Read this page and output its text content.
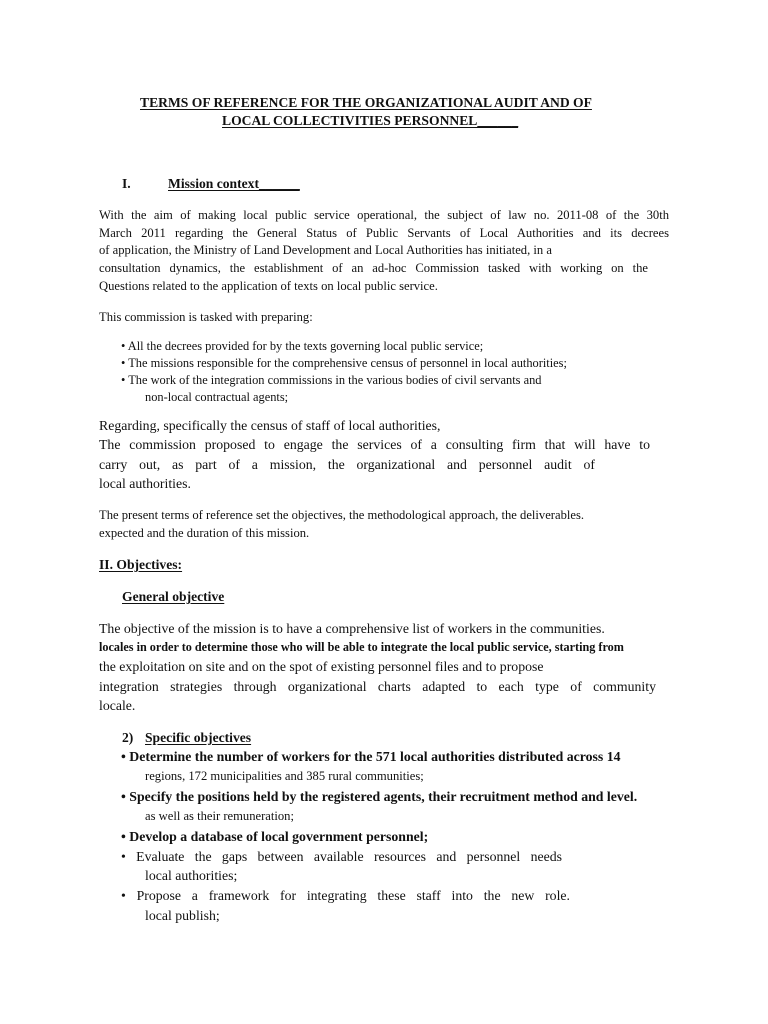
TERMS OF REFERENCE FOR THE ORGANIZATIONAL AUDIT AND OF
LOCAL COLLECTIVITIES PERSONNEL______
I.	Mission context______
With the aim of making local public service operational, the subject of law no. 2011-08 of the 30th
March 2011 regarding the General Status of Public Servants of Local Authorities and its decrees
of application, the Ministry of Land Development and Local Authorities has initiated, in a
consultation dynamics, the establishment of an ad-hoc Commission tasked with working on the
Questions related to the application of texts on local public service.
This commission is tasked with preparing:
• All the decrees provided for by the texts governing local public service;
• The missions responsible for the comprehensive census of personnel in local authorities;
• The work of the integration commissions in the various bodies of civil servants and
non-local contractual agents;
Regarding, specifically the census of staff of local authorities,
The commission proposed to engage the services of a consulting firm that will have to
carry out, as part of a mission, the organizational and personnel audit of
local authorities.
The present terms of reference set the objectives, the methodological approach, the deliverables.
expected and the duration of this mission.
II. Objectives:
General objective
The objective of the mission is to have a comprehensive list of workers in the communities.
locales in order to determine those who will be able to integrate the local public service, starting from
the exploitation on site and on the spot of existing personnel files and to propose
integration strategies through organizational charts adapted to each type of community
locale.
2) Specific objectives
• Determine the number of workers for the 571 local authorities distributed across 14
regions, 172 municipalities and 385 rural communities;
• Specify the positions held by the registered agents, their recruitment method and level.
as well as their remuneration;
• Develop a database of local government personnel;
• Evaluate the gaps between available resources and personnel needs
local authorities;
• Propose a framework for integrating these staff into the new role.
local publish;
